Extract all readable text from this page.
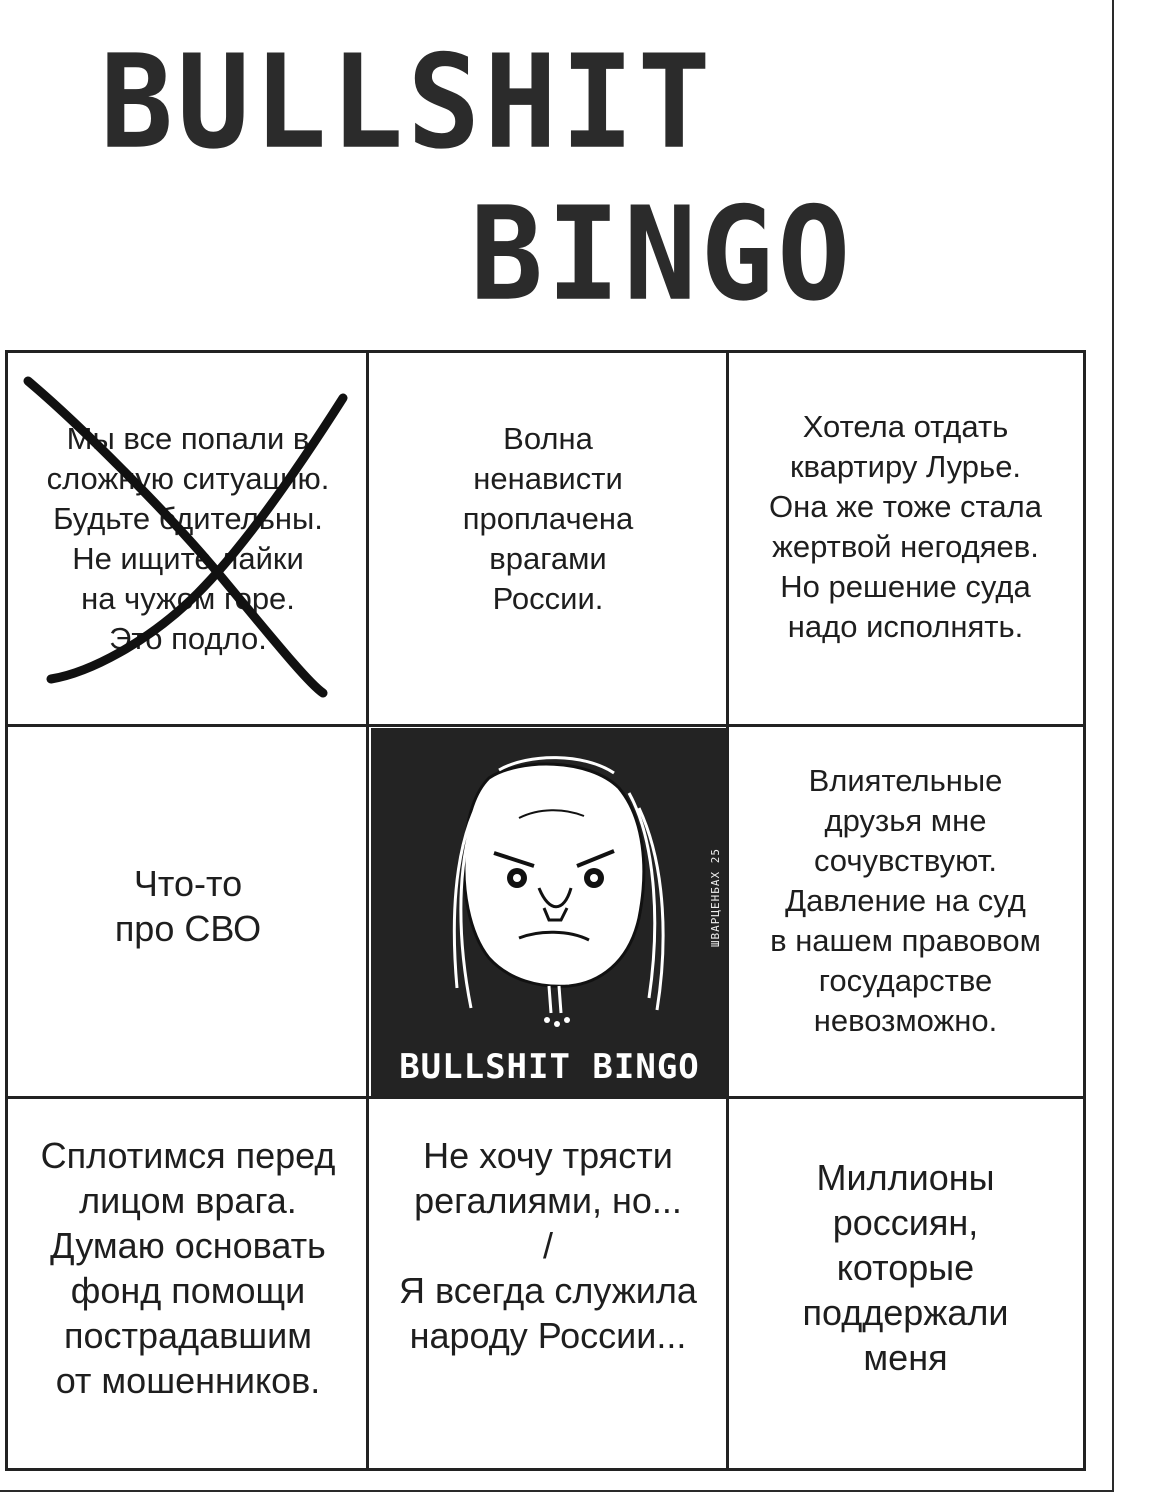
BULLSHIT
BINGO
Мы все попали в
сложную ситуацию.
Будьте бдительны.
Не ищите лайки
на чужом горе.
Это подло.
Волна
ненависти
проплачена
врагами
России.
Хотела отдать
квартиру Лурье.
Она же тоже стала
жертвой негодяев.
Но решение суда
надо исполнять.
Что-то
про СВО	ШВАРЦЕНБАХ 25
BULLSHIT BINGO
Влиятельные
друзья мне
сочувствуют.
Давление на суд
в нашем правовом
государстве
невозможно.
Сплотимся перед
лицом врага.
Думаю основать
фонд помощи
пострадавшим
от мошенников.
Не хочу трясти
регалиями, но...
/
Я всегда служила
народу России...
Миллионы
россиян,
которые
поддержали
меня
